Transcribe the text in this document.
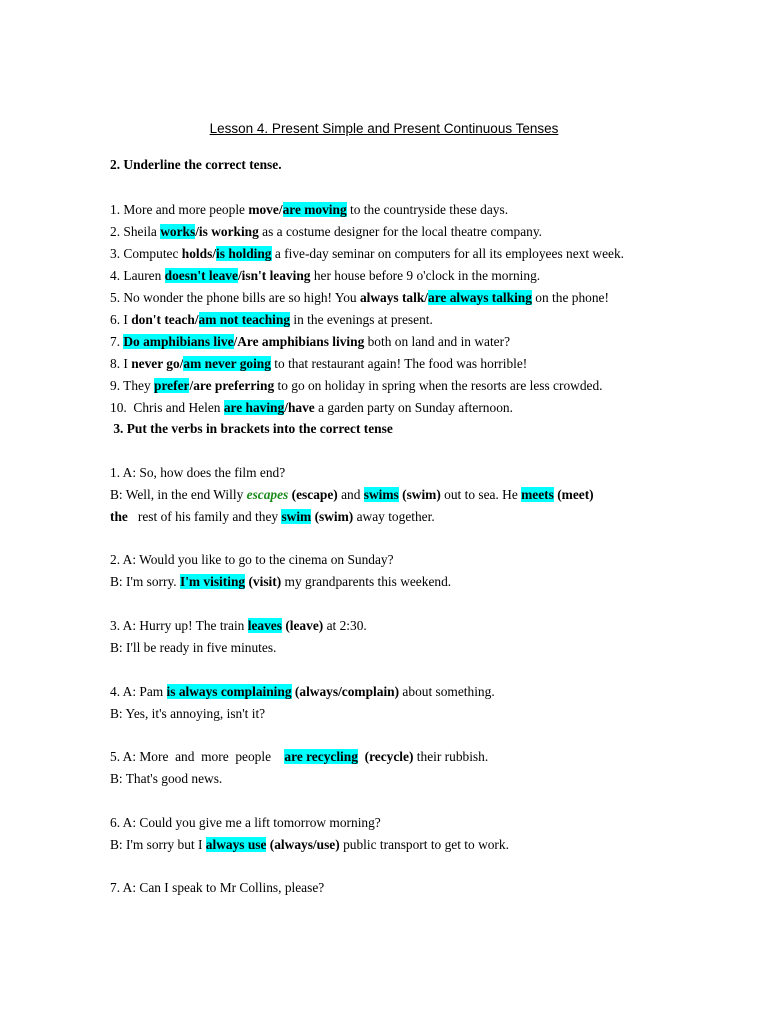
Lesson 4. Present Simple and Present Continuous Tenses
2. Underline the correct tense.
1. More and more people move/are moving to the countryside these days.
2. Sheila works/is working as a costume designer for the local theatre company.
3. Computec holds/is holding a five-day seminar on computers for all its employees next week.
4. Lauren doesn't leave/isn't leaving her house before 9 o'clock in the morning.
5. No wonder the phone bills are so high! You always talk/are always talking on the phone!
6. I don't teach/am not teaching in the evenings at present.
7. Do amphibians live/Are amphibians living both on land and in water?
8. I never go/am never going to that restaurant again! The food was horrible!
9. They prefer/are preferring to go on holiday in spring when the resorts are less crowded.
10.  Chris and Helen are having/have a garden party on Sunday afternoon.
3. Put the verbs in brackets into the correct tense
1. A: So, how does the film end?
B: Well, in the end Willy escapes (escape) and swims (swim) out to sea. He meets (meet)
the   rest of his family and they swim (swim) away together.
2. A: Would you like to go to the cinema on Sunday?
B: I'm sorry. I'm visiting (visit) my grandparents this weekend.
3. A: Hurry up! The train leaves (leave) at 2:30.
B: I'll be ready in five minutes.
4. A: Pam is always complaining (always/complain) about something.
B: Yes, it's annoying, isn't it?
5. A: More  and  more  people    are recycling (recycle) their rubbish.
B: That's good news.
6. A: Could you give me a lift tomorrow morning?
B: I'm sorry but I always use (always/use) public transport to get to work.
7. A: Can I speak to Mr Collins, please?
